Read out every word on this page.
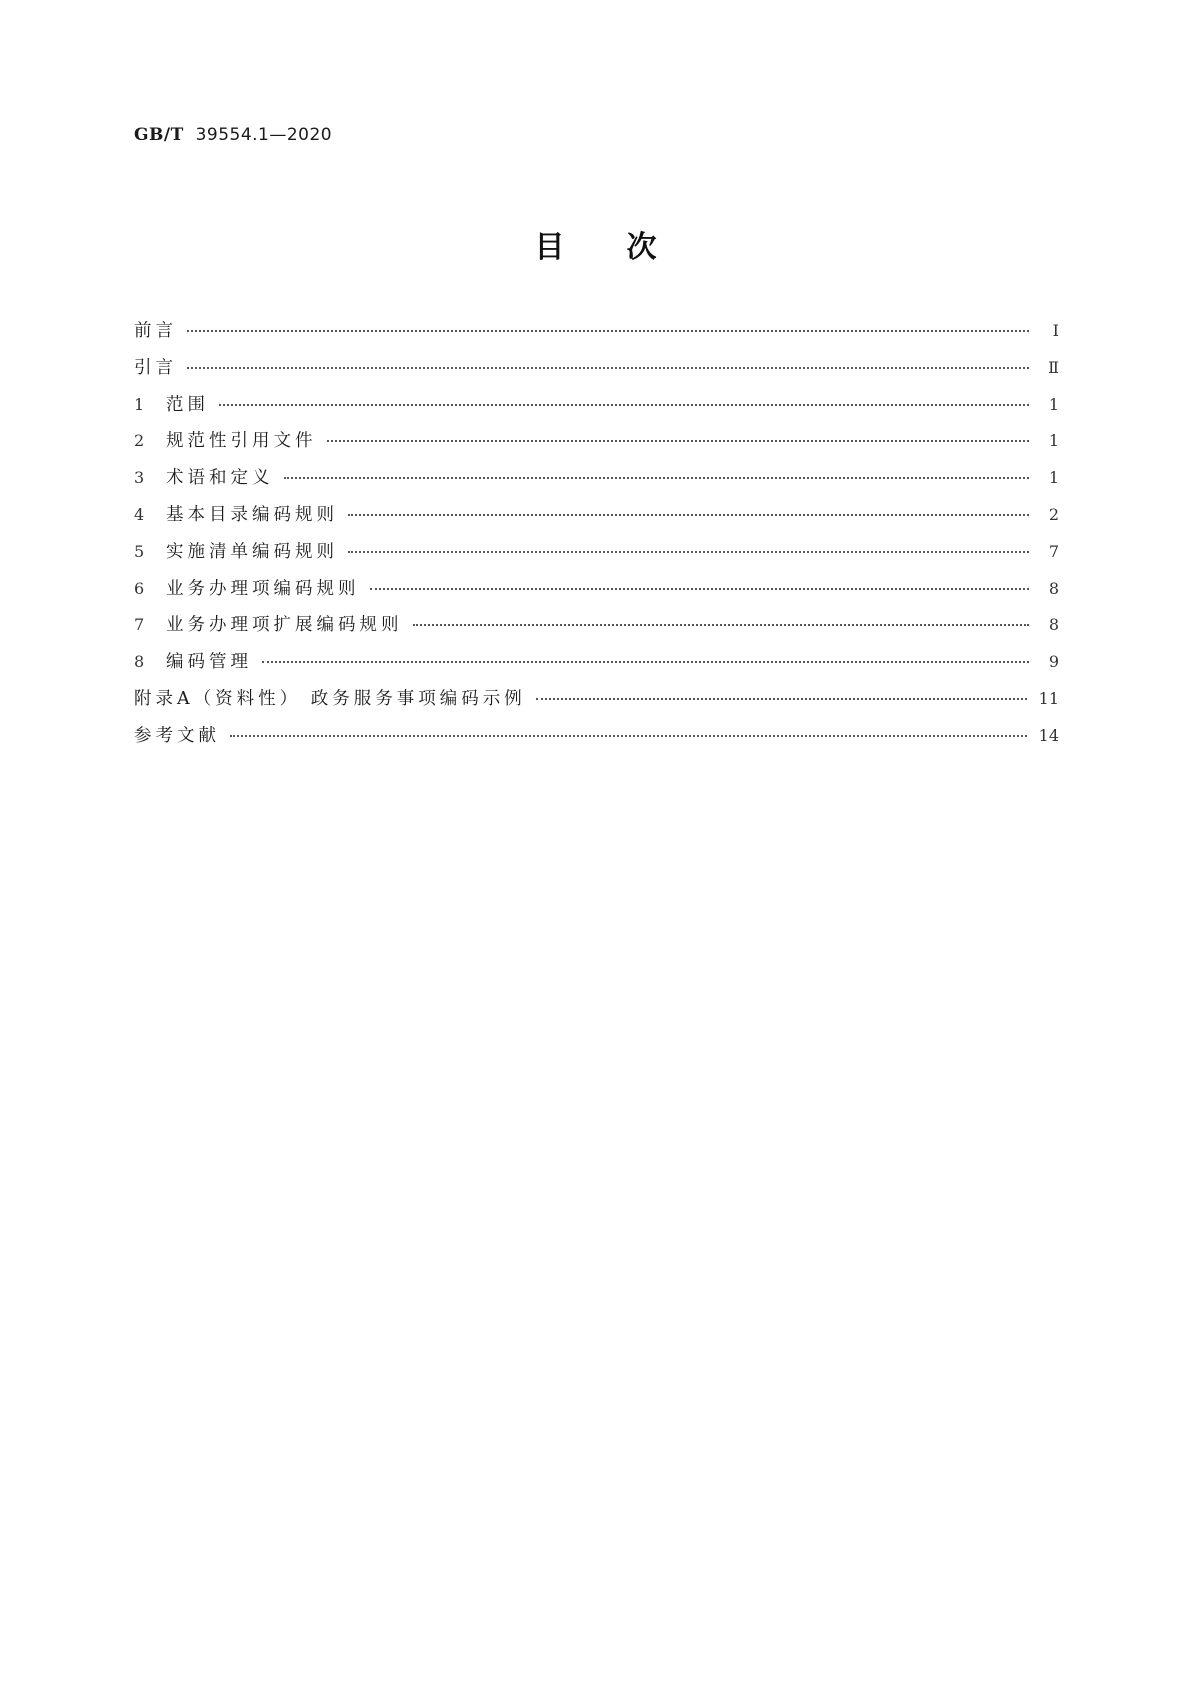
GB/T 39554.1—2020
目次
前言	Ⅰ
引言	Ⅱ
1	范围	1
2	规范性引用文件	1
3	术语和定义	1
4	基本目录编码规则	2
5	实施清单编码规则	7
6	业务办理项编码规则	8
7	业务办理项扩展编码规则	8
8	编码管理	9
附录A（资料性） 政务服务事项编码示例	11
参考文献	14
